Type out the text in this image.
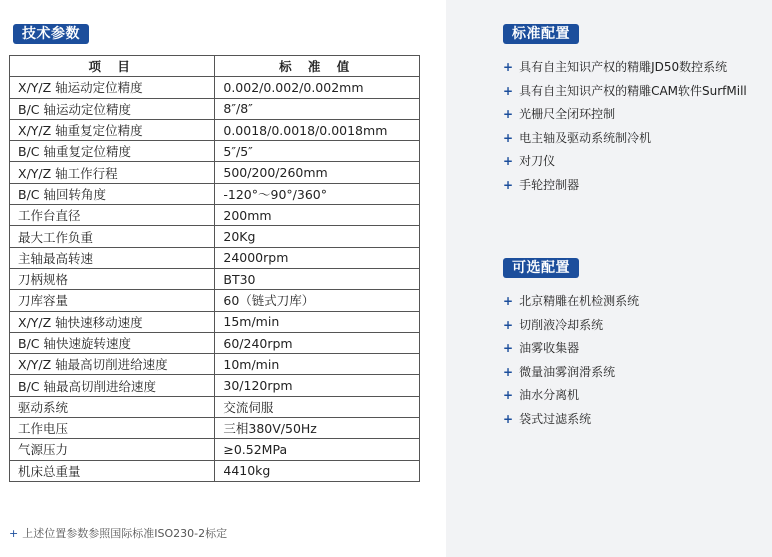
技术参数
项 目	标 准 值
X/Y/Z 轴运动定位精度	0.002/0.002/0.002mm
B/C 轴运动定位精度	8″/8″
X/Y/Z 轴重复定位精度	0.0018/0.0018/0.0018mm
B/C 轴重复定位精度	5″/5″
X/Y/Z 轴工作行程	500/200/260mm
B/C 轴回转角度	-120°～90°/360°
工作台直径	200mm
最大工作负重	20Kg
主轴最高转速	24000rpm
刀柄规格	BT30
刀库容量	60（链式刀库）
X/Y/Z 轴快速移动速度	15m/min
B/C 轴快速旋转速度	60/240rpm
X/Y/Z 轴最高切削进给速度	10m/min
B/C 轴最高切削进给速度	30/120rpm
驱动系统	交流伺服
工作电压	三相380V/50Hz
气源压力	≥0.52MPa
机床总重量	4410kg
+ 上述位置参数参照国际标准ISO230-2标定
标准配置
+ 具有自主知识产权的精雕JD50数控系统
+ 具有自主知识产权的精雕CAM软件SurfMill
+ 光栅尺全闭环控制
+ 电主轴及驱动系统制冷机
+ 对刀仪
+ 手轮控制器
可选配置
+ 北京精雕在机检测系统
+ 切削液冷却系统
+ 油雾收集器
+ 微量油雾润滑系统
+ 油水分离机
+ 袋式过滤系统
